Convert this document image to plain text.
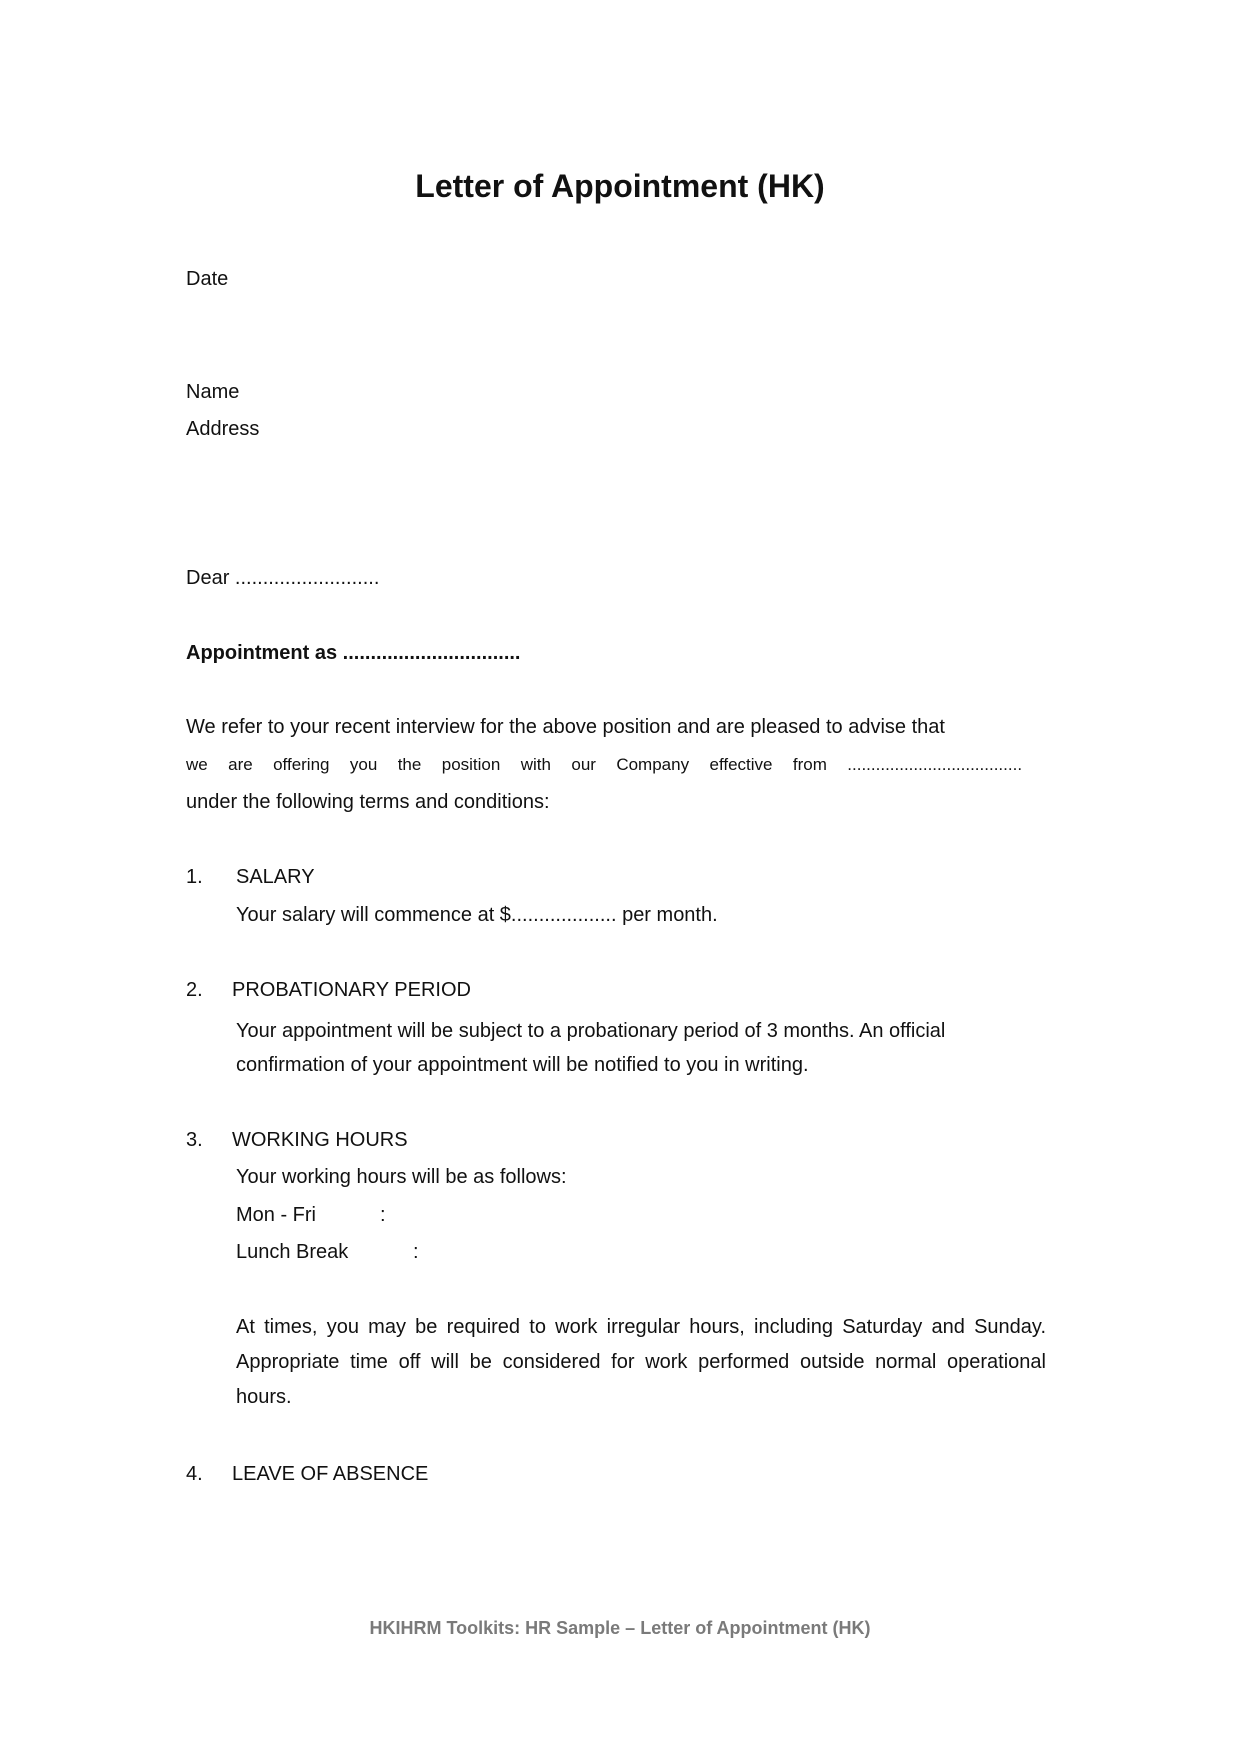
Letter of Appointment (HK)
Date
Name
Address
Dear ..........................
Appointment as ................................
We refer to your recent interview for the above position and are pleased to advise that
we are offering you the position with our Company effective from .....................................
under the following terms and conditions:
1. SALARY
Your salary will commence at $................... per month.
2. PROBATIONARY PERIOD
Your appointment will be subject to a probationary period of 3 months. An official
confirmation of your appointment will be notified to you in writing.
3. WORKING HOURS
Your working hours will be as follows:
Mon - Fri	:
Lunch Break	:
At times, you may be required to work irregular hours, including Saturday and Sunday. Appropriate time off will be considered for work performed outside normal operational hours.
4. LEAVE OF ABSENCE
HKIHRM Toolkits: HR Sample – Letter of Appointment (HK)
